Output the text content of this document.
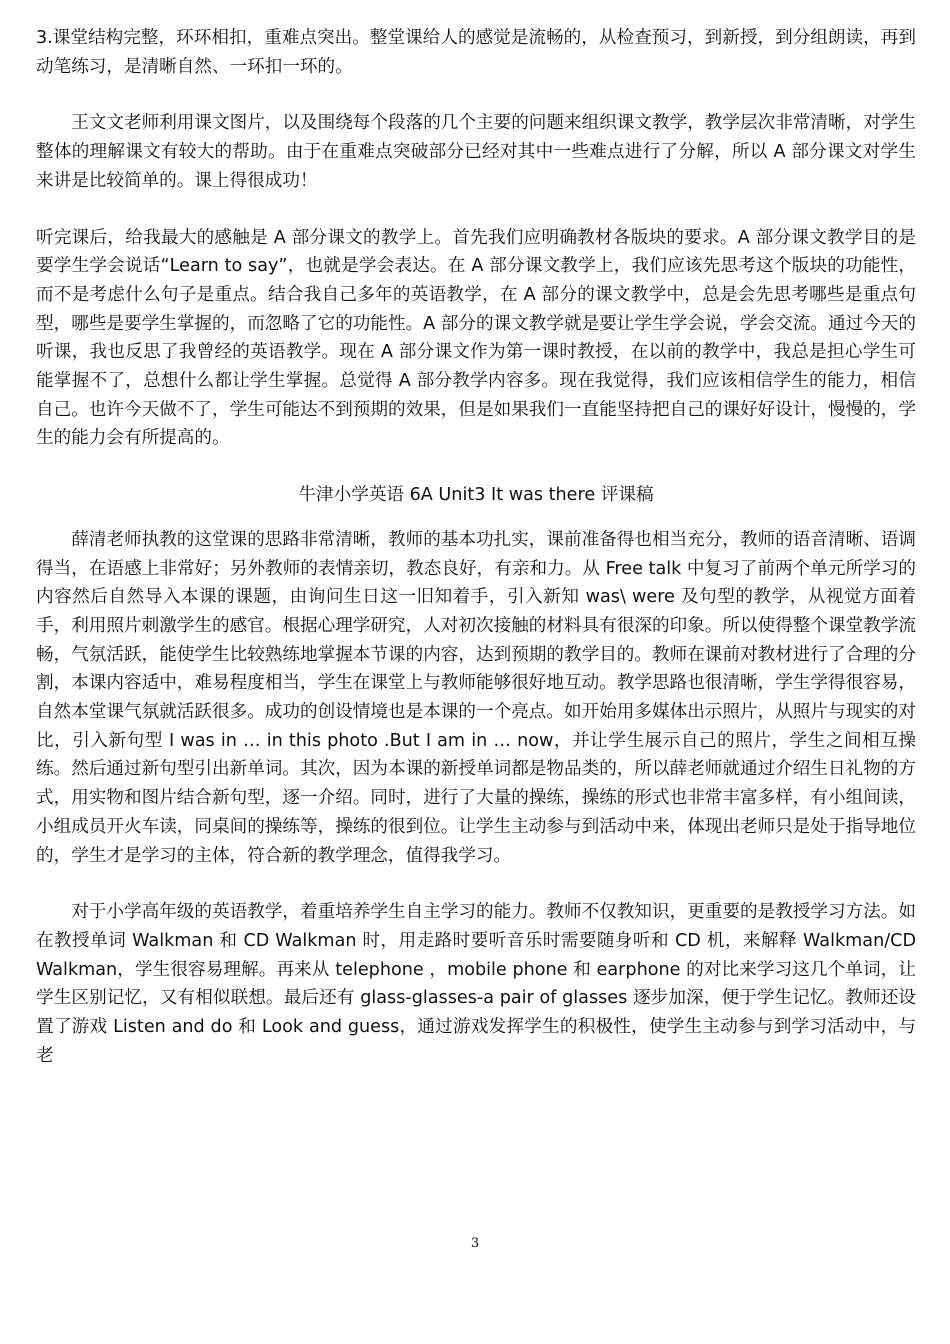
3.课堂结构完整，环环相扣，重难点突出。整堂课给人的感觉是流畅的，从检查预习，到新授，到分组朗读，再到动笔练习，是清晰自然、一环扣一环的。

王文文老师利用课文图片，以及围绕每个段落的几个主要的问题来组织课文教学，教学层次非常清晰，对学生整体的理解课文有较大的帮助。由于在重难点突破部分已经对其中一些难点进行了分解，所以 A 部分课文对学生来讲是比较简单的。课上得很成功！

听完课后，给我最大的感触是 A 部分课文的教学上。首先我们应明确教材各版块的要求。A 部分课文教学目的是要学生学会说话“Learn to say”，也就是学会表达。在 A 部分课文教学上，我们应该先思考这个版块的功能性，而不是考虑什么句子是重点。结合我自己多年的英语教学，在 A 部分的课文教学中，总是会先思考哪些是重点句型，哪些是要学生掌握的，而忽略了它的功能性。A 部分的课文教学就是要让学生学会说，学会交流。通过今天的听课，我也反思了我曾经的英语教学。现在 A 部分课文作为第一课时教授，在以前的教学中，我总是担心学生可能掌握不了，总想什么都让学生掌握。总觉得 A 部分教学内容多。现在我觉得，我们应该相信学生的能力，相信自己。也许今天做不了，学生可能达不到预期的效果，但是如果我们一直能坚持把自己的课好好设计，慢慢的，学生的能力会有所提高的。

牛津小学英语 6A Unit3 It was there 评课稿

薛清老师执教的这堂课的思路非常清晰，教师的基本功扎实，课前准备得也相当充分，教师的语音清晰、语调得当，在语感上非常好；另外教师的表情亲切，教态良好，有亲和力。从 Free talk 中复习了前两个单元所学习的内容然后自然导入本课的课题，由询问生日这一旧知着手，引入新知 was\ were 及句型的教学，从视觉方面着手，利用照片刺激学生的感官。根据心理学研究，人对初次接触的材料具有很深的印象。所以使得整个课堂教学流畅，气氛活跃，能使学生比较熟练地掌握本节课的内容，达到预期的教学目的。教师在课前对教材进行了合理的分割，本课内容适中，难易程度相当，学生在课堂上与教师能够很好地互动。教学思路也很清晰，学生学得很容易，自然本堂课气氛就活跃很多。成功的创设情境也是本课的一个亮点。如开始用多媒体出示照片，从照片与现实的对比，引入新句型 I was in … in this photo .But I am in … now，并让学生展示自己的照片，学生之间相互操练。然后通过新句型引出新单词。其次，因为本课的新授单词都是物品类的，所以薛老师就通过介绍生日礼物的方式，用实物和图片结合新句型，逐一介绍。同时，进行了大量的操练，操练的形式也非常丰富多样，有小组间读，小组成员开火车读，同桌间的操练等，操练的很到位。让学生主动参与到活动中来，体现出老师只是处于指导地位的，学生才是学习的主体，符合新的教学理念，值得我学习。

对于小学高年级的英语教学，着重培养学生自主学习的能力。教师不仅教知识，更重要的是教授学习方法。如在教授单词 Walkman 和 CD Walkman 时，用走路时要听音乐时需要随身听和 CD 机，来解释 Walkman/CD Walkman，学生很容易理解。再来从 telephone ，mobile phone 和 earphone 的对比来学习这几个单词，让学生区别记忆，又有相似联想。最后还有 glass-glasses-a pair of glasses 逐步加深，便于学生记忆。教师还设置了游戏 Listen and do 和 Look and guess，通过游戏发挥学生的积极性，使学生主动参与到学习活动中，与老

3
